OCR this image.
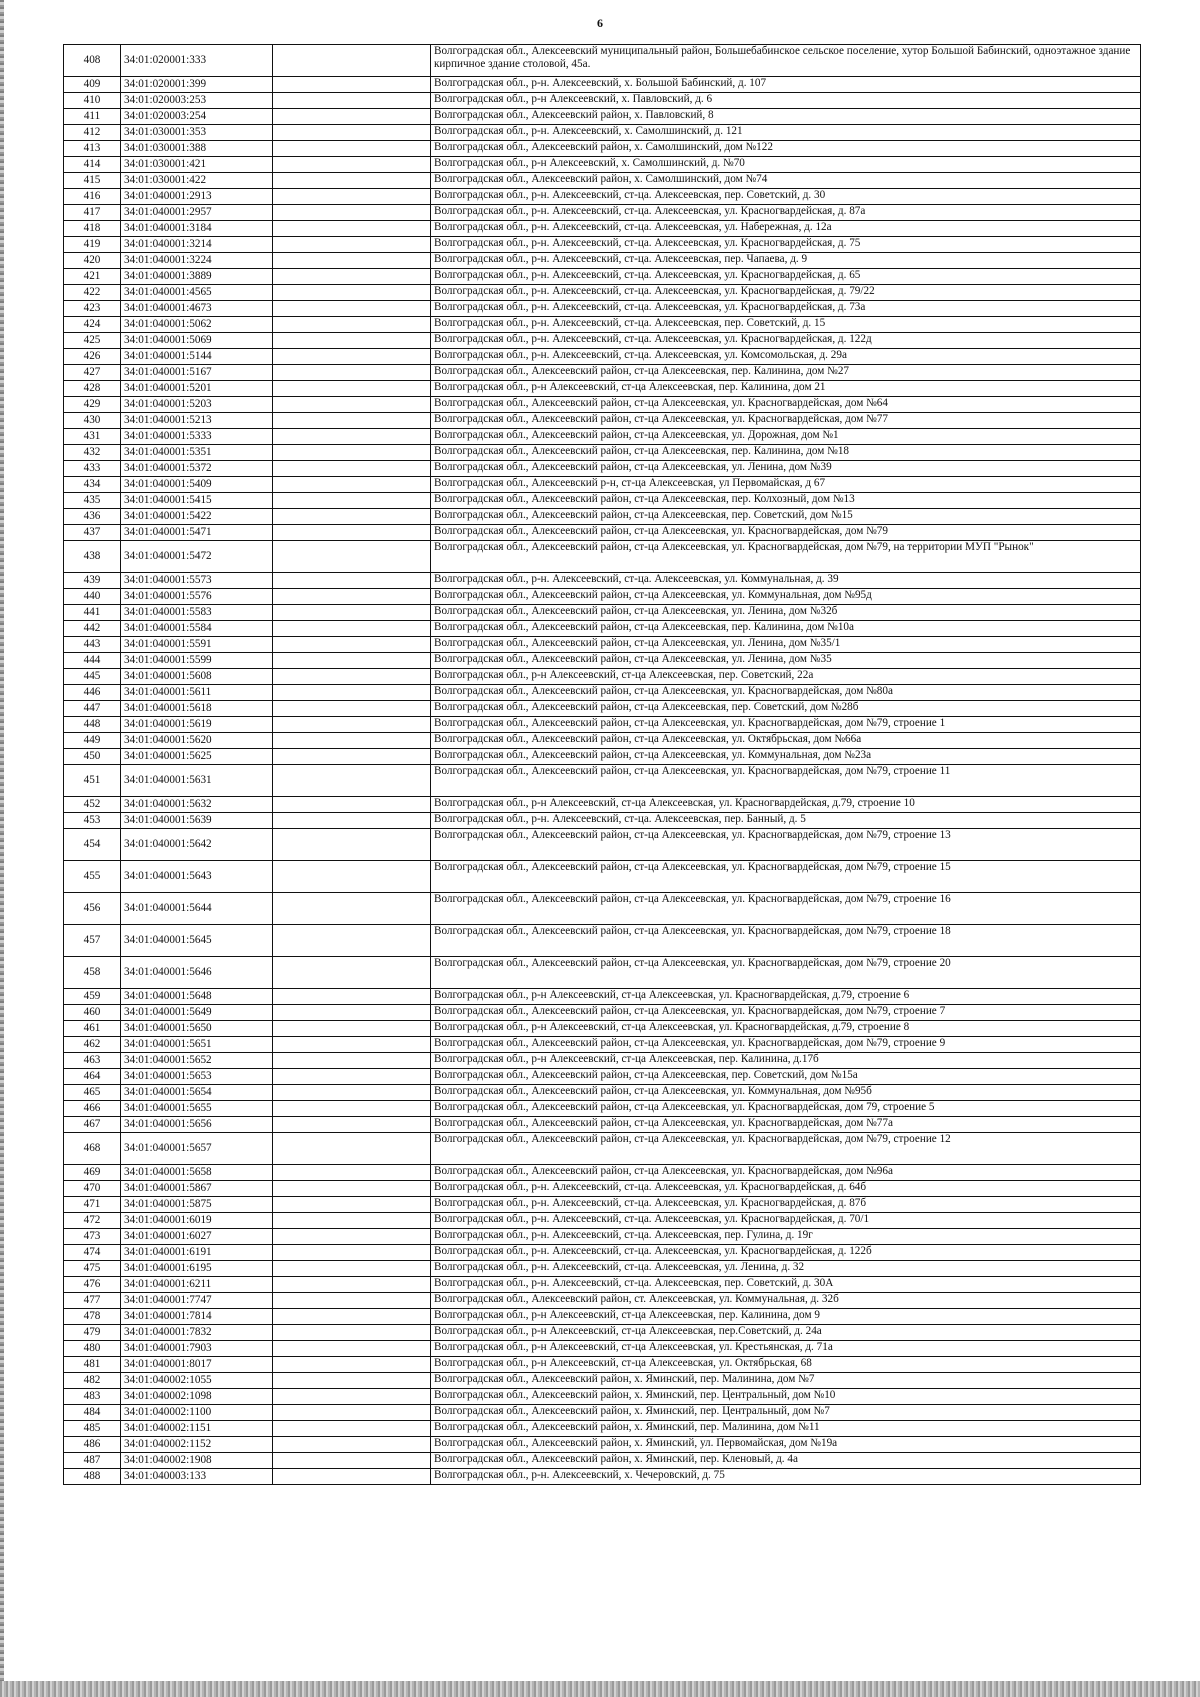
6
408	34:01:020001:333		Волгоградская обл., Алексеевский муниципальный район, Большебабинское сельское поселение, хутор Большой Бабинский, одноэтажное здание кирпичное здание столовой, 45а.
409	34:01:020001:399		Волгоградская обл., р-н. Алексеевский, х. Большой Бабинский, д. 107
410	34:01:020003:253		Волгоградская обл., р-н Алексеевский, х. Павловский, д. 6
411	34:01:020003:254		Волгоградская обл., Алексеевский район, х. Павловский, 8
412	34:01:030001:353		Волгоградская обл., р-н. Алексеевский, х. Самолшинский, д. 121
413	34:01:030001:388		Волгоградская обл., Алексеевский район, х. Самолшинский, дом №122
414	34:01:030001:421		Волгоградская обл., р-н Алексеевский, х. Самолшинский, д. №70
415	34:01:030001:422		Волгоградская обл., Алексеевский район, х. Самолшинский, дом №74
416	34:01:040001:2913		Волгоградская обл., р-н. Алексеевский, ст-ца. Алексеевская, пер. Советский, д. 30
417	34:01:040001:2957		Волгоградская обл., р-н. Алексеевский, ст-ца. Алексеевская, ул. Красногвардейская, д. 87а
418	34:01:040001:3184		Волгоградская обл., р-н. Алексеевский, ст-ца. Алексеевская, ул. Набережная, д. 12а
419	34:01:040001:3214		Волгоградская обл., р-н. Алексеевский, ст-ца. Алексеевская, ул. Красногвардейская, д. 75
420	34:01:040001:3224		Волгоградская обл., р-н. Алексеевский, ст-ца. Алексеевская, пер. Чапаева, д. 9
421	34:01:040001:3889		Волгоградская обл., р-н. Алексеевский, ст-ца. Алексеевская, ул. Красногвардейская, д. 65
422	34:01:040001:4565		Волгоградская обл., р-н. Алексеевский, ст-ца. Алексеевская, ул. Красногвардейская, д. 79/22
423	34:01:040001:4673		Волгоградская обл., р-н. Алексеевский, ст-ца. Алексеевская, ул. Красногвардейская, д. 73а
424	34:01:040001:5062		Волгоградская обл., р-н. Алексеевский, ст-ца. Алексеевская, пер. Советский, д. 15
425	34:01:040001:5069		Волгоградская обл., р-н. Алексеевский, ст-ца. Алексеевская, ул. Красногвардейская, д. 122д
426	34:01:040001:5144		Волгоградская обл., р-н. Алексеевский, ст-ца. Алексеевская, ул. Комсомольская, д. 29а
427	34:01:040001:5167		Волгоградская обл., Алексеевский район, ст-ца Алексеевская, пер. Калинина, дом №27
428	34:01:040001:5201		Волгоградская обл., р-н Алексеевский, ст-ца Алексеевская, пер. Калинина, дом 21
429	34:01:040001:5203		Волгоградская обл., Алексеевский район, ст-ца Алексеевская, ул. Красногвардейская, дом №64
430	34:01:040001:5213		Волгоградская обл., Алексеевский район, ст-ца Алексеевская, ул. Красногвардейская, дом №77
431	34:01:040001:5333		Волгоградская обл., Алексеевский район, ст-ца Алексеевская, ул. Дорожная, дом №1
432	34:01:040001:5351		Волгоградская обл., Алексеевский район, ст-ца Алексеевская, пер. Калинина, дом №18
433	34:01:040001:5372		Волгоградская обл., Алексеевский район, ст-ца Алексеевская, ул. Ленина, дом №39
434	34:01:040001:5409		Волгоградская обл., Алексеевский р-н, ст-ца Алексеевская, ул Первомайская, д 67
435	34:01:040001:5415		Волгоградская обл., Алексеевский район, ст-ца Алексеевская, пер. Колхозный, дом №13
436	34:01:040001:5422		Волгоградская обл., Алексеевский район, ст-ца Алексеевская, пер. Советский, дом №15
437	34:01:040001:5471		Волгоградская обл., Алексеевский район, ст-ца Алексеевская, ул. Красногвардейская, дом №79
438	34:01:040001:5472		Волгоградская обл., Алексеевский район, ст-ца Алексеевская, ул. Красногвардейская, дом №79, на территории МУП "Рынок"
439	34:01:040001:5573		Волгоградская обл., р-н. Алексеевский, ст-ца. Алексеевская, ул. Коммунальная, д. 39
440	34:01:040001:5576		Волгоградская обл., Алексеевский район, ст-ца Алексеевская, ул. Коммунальная, дом №95д
441	34:01:040001:5583		Волгоградская обл., Алексеевский район, ст-ца Алексеевская, ул. Ленина, дом №32б
442	34:01:040001:5584		Волгоградская обл., Алексеевский район, ст-ца Алексеевская, пер. Калинина, дом №10а
443	34:01:040001:5591		Волгоградская обл., Алексеевский район, ст-ца Алексеевская, ул. Ленина, дом №35/1
444	34:01:040001:5599		Волгоградская обл., Алексеевский район, ст-ца Алексеевская, ул. Ленина, дом №35
445	34:01:040001:5608		Волгоградская обл., р-н Алексеевский, ст-ца Алексеевская, пер. Советский, 22а
446	34:01:040001:5611		Волгоградская обл., Алексеевский район, ст-ца Алексеевская, ул. Красногвардейская, дом №80а
447	34:01:040001:5618		Волгоградская обл., Алексеевский район, ст-ца Алексеевская, пер. Советский, дом №28б
448	34:01:040001:5619		Волгоградская обл., Алексеевский район, ст-ца Алексеевская, ул. Красногвардейская, дом №79, строение 1
449	34:01:040001:5620		Волгоградская обл., Алексеевский район, ст-ца Алексеевская, ул. Октябрьская, дом №66а
450	34:01:040001:5625		Волгоградская обл., Алексеевский район, ст-ца Алексеевская, ул. Коммунальная, дом №23а
451	34:01:040001:5631		Волгоградская обл., Алексеевский район, ст-ца Алексеевская, ул. Красногвардейская, дом №79, строение 11
452	34:01:040001:5632		Волгоградская обл., р-н Алексеевский, ст-ца Алексеевская, ул. Красногвардейская, д.79, строение 10
453	34:01:040001:5639		Волгоградская обл., р-н. Алексеевский, ст-ца. Алексеевская, пер. Банный, д. 5
454	34:01:040001:5642		Волгоградская обл., Алексеевский район, ст-ца Алексеевская, ул. Красногвардейская, дом №79, строение 13
455	34:01:040001:5643		Волгоградская обл., Алексеевский район, ст-ца Алексеевская, ул. Красногвардейская, дом №79, строение 15
456	34:01:040001:5644		Волгоградская обл., Алексеевский район, ст-ца Алексеевская, ул. Красногвардейская, дом №79, строение 16
457	34:01:040001:5645		Волгоградская обл., Алексеевский район, ст-ца Алексеевская, ул. Красногвардейская, дом №79, строение 18
458	34:01:040001:5646		Волгоградская обл., Алексеевский район, ст-ца Алексеевская, ул. Красногвардейская, дом №79, строение 20
459	34:01:040001:5648		Волгоградская обл., р-н Алексеевский, ст-ца Алексеевская, ул. Красногвардейская, д.79, строение 6
460	34:01:040001:5649		Волгоградская обл., Алексеевский район, ст-ца Алексеевская, ул. Красногвардейская, дом №79, строение 7
461	34:01:040001:5650		Волгоградская обл., р-н Алексеевский, ст-ца Алексеевская, ул. Красногвардейская, д.79, строение 8
462	34:01:040001:5651		Волгоградская обл., Алексеевский район, ст-ца Алексеевская, ул. Красногвардейская, дом №79, строение 9
463	34:01:040001:5652		Волгоградская обл., р-н Алексеевский, ст-ца Алексеевская, пер. Калинина, д.17б
464	34:01:040001:5653		Волгоградская обл., Алексеевский район, ст-ца Алексеевская, пер. Советский, дом №15а
465	34:01:040001:5654		Волгоградская обл., Алексеевский район, ст-ца Алексеевская, ул. Коммунальная, дом №95б
466	34:01:040001:5655		Волгоградская обл., Алексеевский район, ст-ца Алексеевская, ул. Красногвардейская, дом 79, строение 5
467	34:01:040001:5656		Волгоградская обл., Алексеевский район, ст-ца Алексеевская, ул. Красногвардейская, дом №77а
468	34:01:040001:5657		Волгоградская обл., Алексеевский район, ст-ца Алексеевская, ул. Красногвардейская, дом №79, строение 12
469	34:01:040001:5658		Волгоградская обл., Алексеевский район, ст-ца Алексеевская, ул. Красногвардейская, дом №96а
470	34:01:040001:5867		Волгоградская обл., р-н. Алексеевский, ст-ца. Алексеевская, ул. Красногвардейская, д. 64б
471	34:01:040001:5875		Волгоградская обл., р-н. Алексеевский, ст-ца. Алексеевская, ул. Красногвардейская, д. 87б
472	34:01:040001:6019		Волгоградская обл., р-н. Алексеевский, ст-ца. Алексеевская, ул. Красногвардейская, д. 70/1
473	34:01:040001:6027		Волгоградская обл., р-н. Алексеевский, ст-ца. Алексеевская, пер. Гулина, д. 19г
474	34:01:040001:6191		Волгоградская обл., р-н. Алексеевский, ст-ца. Алексеевская, ул. Красногвардейская, д. 122б
475	34:01:040001:6195		Волгоградская обл., р-н. Алексеевский, ст-ца. Алексеевская, ул. Ленина, д. 32
476	34:01:040001:6211		Волгоградская обл., р-н. Алексеевский, ст-ца. Алексеевская, пер. Советский, д. 30А
477	34:01:040001:7747		Волгоградская обл., Алексеевский район, ст. Алексеевская, ул. Коммунальная, д. 32б
478	34:01:040001:7814		Волгоградская обл., р-н Алексеевский, ст-ца Алексеевская, пер. Калинина, дом 9
479	34:01:040001:7832		Волгоградская обл., р-н Алексеевский, ст-ца Алексеевская, пер.Советский, д. 24а
480	34:01:040001:7903		Волгоградская обл., р-н Алексеевский, ст-ца Алексеевская, ул. Крестьянская, д. 71а
481	34:01:040001:8017		Волгоградская обл., р-н Алексеевский, ст-ца Алексеевская, ул. Октябрьская, 68
482	34:01:040002:1055		Волгоградская обл., Алексеевский район, х. Яминский, пер. Малинина, дом №7
483	34:01:040002:1098		Волгоградская обл., Алексеевский район, х. Яминский, пер. Центральный, дом №10
484	34:01:040002:1100		Волгоградская обл., Алексеевский район, х. Яминский, пер. Центральный, дом №7
485	34:01:040002:1151		Волгоградская обл., Алексеевский район, х. Яминский, пер. Малинина, дом №11
486	34:01:040002:1152		Волгоградская обл., Алексеевский район, х. Яминский, ул. Первомайская, дом №19а
487	34:01:040002:1908		Волгоградская обл., Алексеевский район, х. Яминский, пер. Кленовый, д. 4а
488	34:01:040003:133		Волгоградская обл., р-н. Алексеевский, х. Чечеровский, д. 75
